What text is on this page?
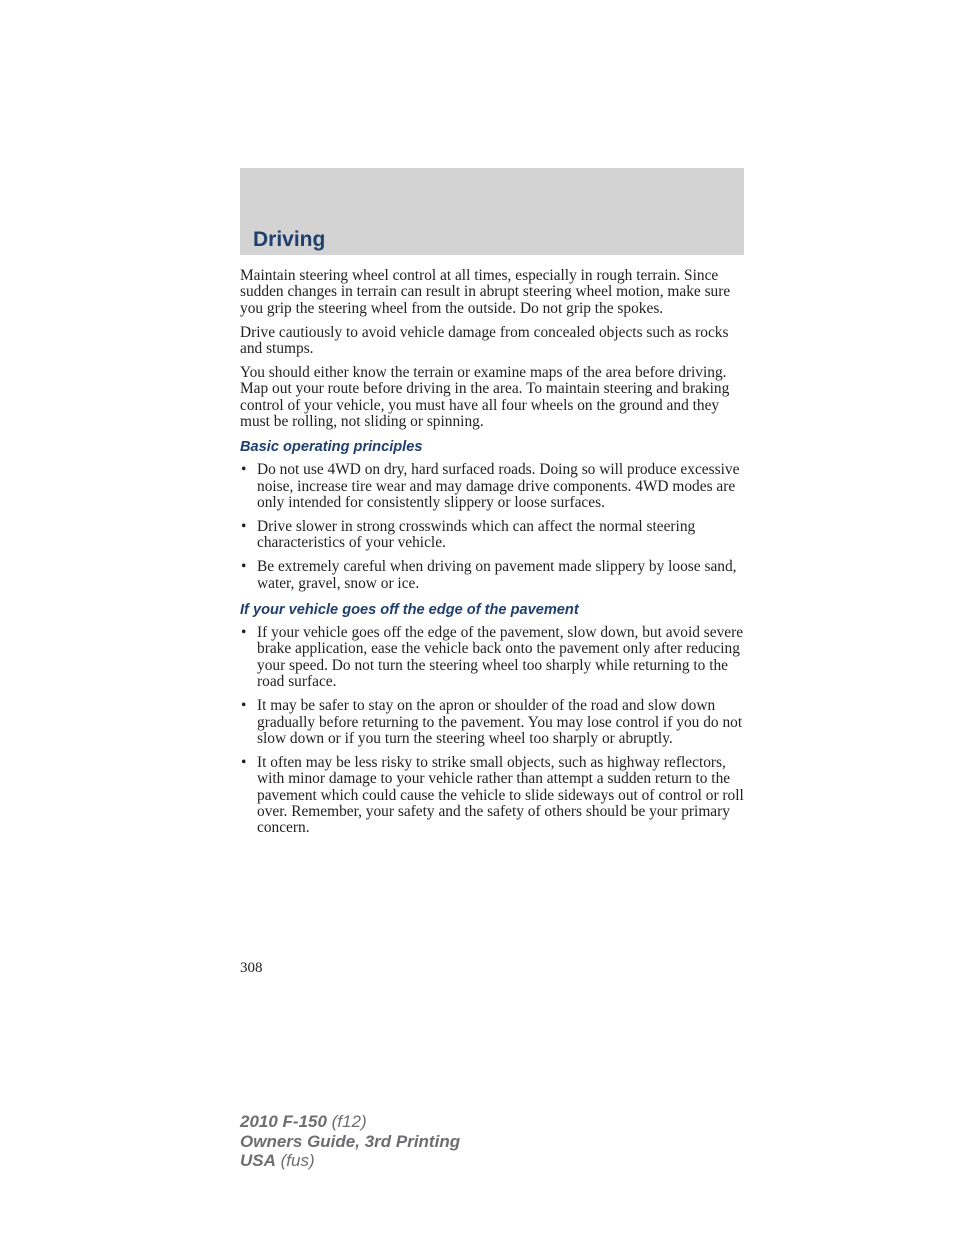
Driving

Maintain steering wheel control at all times, especially in rough terrain. Since sudden changes in terrain can result in abrupt steering wheel motion, make sure you grip the steering wheel from the outside. Do not grip the spokes.

Drive cautiously to avoid vehicle damage from concealed objects such as rocks and stumps.

You should either know the terrain or examine maps of the area before driving. Map out your route before driving in the area. To maintain steering and braking control of your vehicle, you must have all four wheels on the ground and they must be rolling, not sliding or spinning.

Basic operating principles
• Do not use 4WD on dry, hard surfaced roads. Doing so will produce excessive noise, increase tire wear and may damage drive components. 4WD modes are only intended for consistently slippery or loose surfaces.
• Drive slower in strong crosswinds which can affect the normal steering characteristics of your vehicle.
• Be extremely careful when driving on pavement made slippery by loose sand, water, gravel, snow or ice.
If your vehicle goes off the edge of the pavement
• If your vehicle goes off the edge of the pavement, slow down, but avoid severe brake application, ease the vehicle back onto the pavement only after reducing your speed. Do not turn the steering wheel too sharply while returning to the road surface.
• It may be safer to stay on the apron or shoulder of the road and slow down gradually before returning to the pavement. You may lose control if you do not slow down or if you turn the steering wheel too sharply or abruptly.
• It often may be less risky to strike small objects, such as highway reflectors, with minor damage to your vehicle rather than attempt a sudden return to the pavement which could cause the vehicle to slide sideways out of control or roll over. Remember, your safety and the safety of others should be your primary concern.
308
2010 F-150 (f12)
Owners Guide, 3rd Printing
USA (fus)
